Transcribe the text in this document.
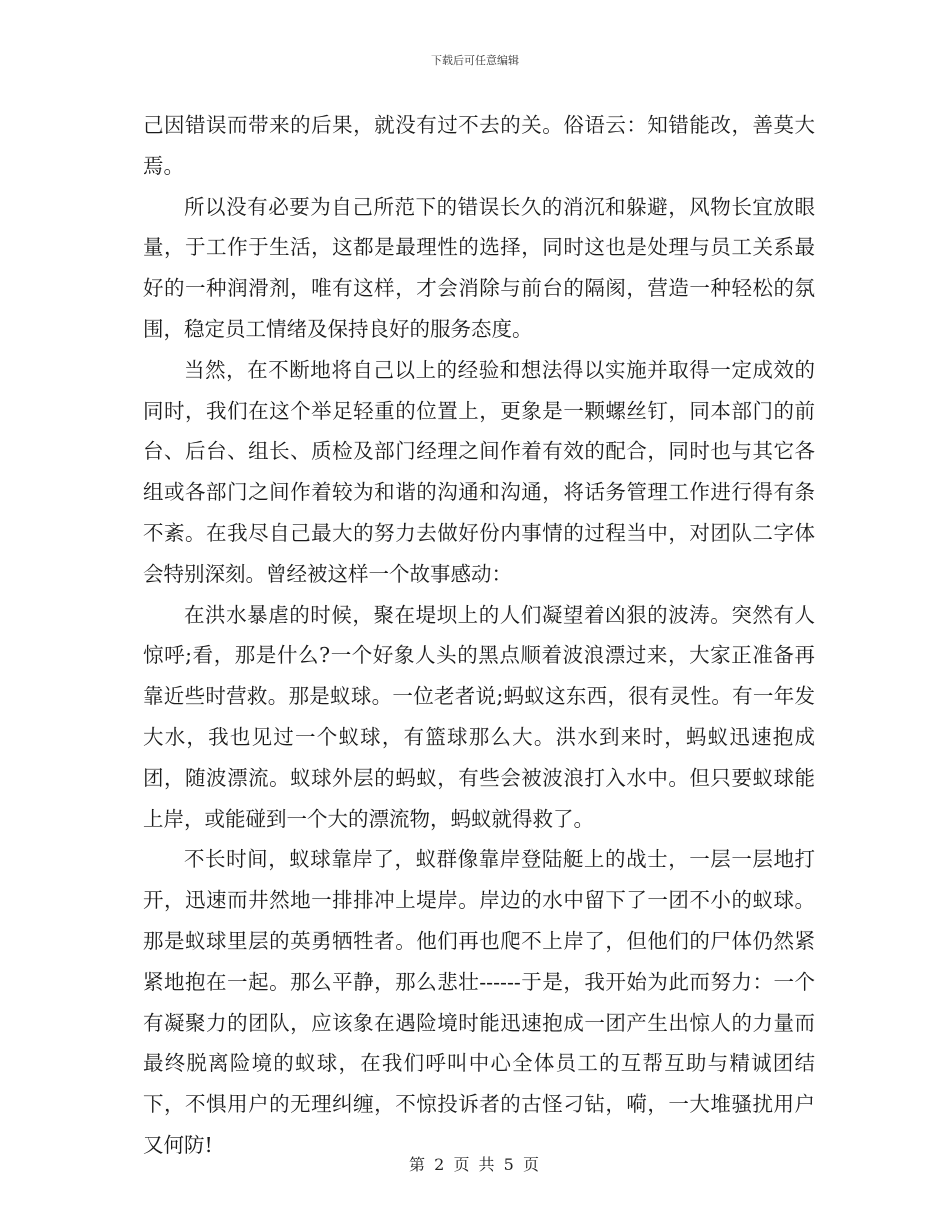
下载后可任意编辑

己因错误而带来的后果，就没有过不去的关。俗语云：知错能改，善莫大焉。

所以没有必要为自己所范下的错误长久的消沉和躲避，风物长宜放眼量，于工作于生活，这都是最理性的选择，同时这也是处理与员工关系最好的一种润滑剂，唯有这样，才会消除与前台的隔阂，营造一种轻松的氛围，稳定员工情绪及保持良好的服务态度。

当然，在不断地将自己以上的经验和想法得以实施并取得一定成效的同时，我们在这个举足轻重的位置上，更象是一颗螺丝钉，同本部门的前台、后台、组长、质检及部门经理之间作着有效的配合，同时也与其它各组或各部门之间作着较为和谐的沟通和沟通，将话务管理工作进行得有条不紊。在我尽自己最大的努力去做好份内事情的过程当中，对团队二字体会特别深刻。曾经被这样一个故事感动：

在洪水暴虐的时候，聚在堤坝上的人们凝望着凶狠的波涛。突然有人惊呼;看，那是什么?一个好象人头的黑点顺着波浪漂过来，大家正准备再靠近些时营救。那是蚁球。一位老者说;蚂蚁这东西，很有灵性。有一年发大水，我也见过一个蚁球，有篮球那么大。洪水到来时，蚂蚁迅速抱成团，随波漂流。蚁球外层的蚂蚁，有些会被波浪打入水中。但只要蚁球能上岸，或能碰到一个大的漂流物，蚂蚁就得救了。

不长时间，蚁球靠岸了，蚁群像靠岸登陆艇上的战士，一层一层地打开，迅速而井然地一排排冲上堤岸。岸边的水中留下了一团不小的蚁球。那是蚁球里层的英勇牺牲者。他们再也爬不上岸了，但他们的尸体仍然紧紧地抱在一起。那么平静，那么悲壮------于是，我开始为此而努力：一个有凝聚力的团队，应该象在遇险境时能迅速抱成一团产生出惊人的力量而最终脱离险境的蚁球，在我们呼叫中心全体员工的互帮互助与精诚团结下，不惧用户的无理纠缠，不惊投诉者的古怪刁钻，嗬，一大堆骚扰用户又何防!

第 2 页 共 5 页
